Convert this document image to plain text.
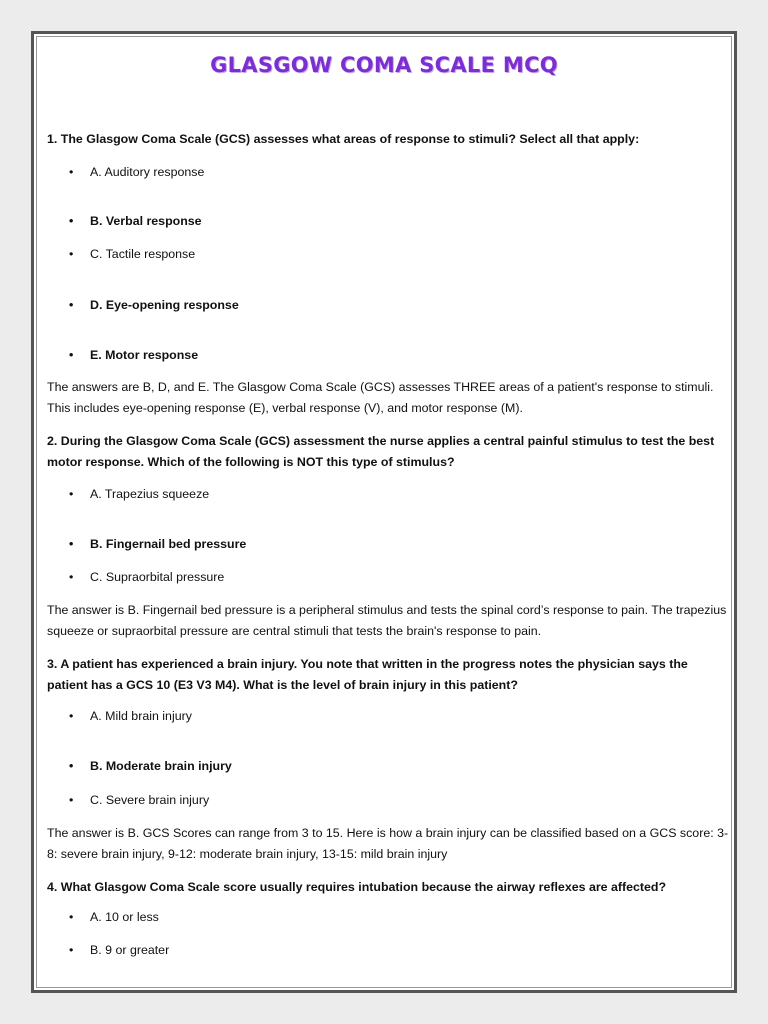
GLASGOW COMA SCALE MCQ

1. The Glasgow Coma Scale (GCS) assesses what areas of response to stimuli? Select all that apply:

• A. Auditory response
• B. Verbal response
• C. Tactile response
• D. Eye-opening response
• E. Motor response

The answers are B, D, and E. The Glasgow Coma Scale (GCS) assesses THREE areas of a patient's response to stimuli. This includes eye-opening response (E), verbal response (V), and motor response (M).

2. During the Glasgow Coma Scale (GCS) assessment the nurse applies a central painful stimulus to test the best motor response. Which of the following is NOT this type of stimulus?

• A. Trapezius squeeze
• B. Fingernail bed pressure
• C. Supraorbital pressure

The answer is B. Fingernail bed pressure is a peripheral stimulus and tests the spinal cord’s response to pain. The trapezius squeeze or supraorbital pressure are central stimuli that tests the brain's response to pain.

3. A patient has experienced a brain injury. You note that written in the progress notes the physician says the patient has a GCS 10 (E3 V3 M4). What is the level of brain injury in this patient?

• A. Mild brain injury
• B. Moderate brain injury
• C. Severe brain injury

The answer is B. GCS Scores can range from 3 to 15. Here is how a brain injury can be classified based on a GCS score: 3-8: severe brain injury, 9-12: moderate brain injury, 13-15: mild brain injury

4. What Glasgow Coma Scale score usually requires intubation because the airway reflexes are affected?

• A. 10 or less
• B. 9 or greater
